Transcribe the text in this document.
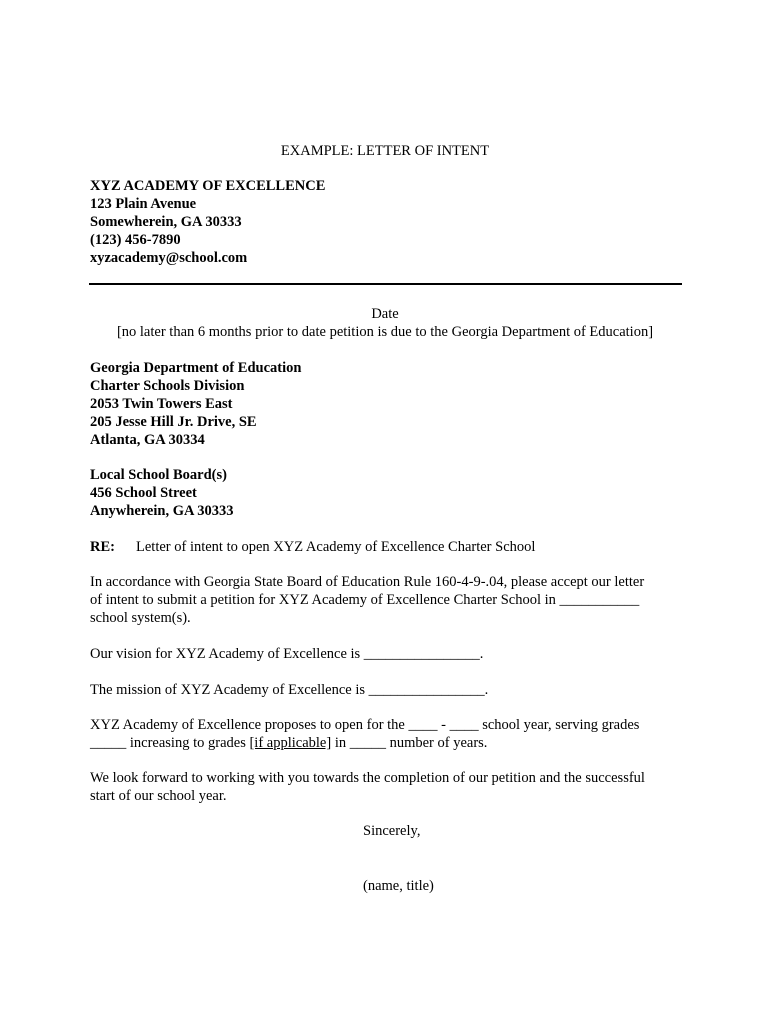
EXAMPLE: LETTER OF INTENT
XYZ ACADEMY OF EXCELLENCE
123 Plain Avenue
Somewherein, GA 30333
(123) 456-7890
xyzacademy@school.com
Date
[no later than 6 months prior to date petition is due to the Georgia Department of Education]
Georgia Department of Education
Charter Schools Division
2053 Twin Towers East
205 Jesse Hill Jr. Drive, SE
Atlanta, GA 30334
Local School Board(s)
456 School Street
Anywherein, GA 30333
RE: Letter of intent to open XYZ Academy of Excellence Charter School
In accordance with Georgia State Board of Education Rule 160-4-9-.04, please accept our letter
of intent to submit a petition for XYZ Academy of Excellence Charter School in ___________
school system(s).
Our vision for XYZ Academy of Excellence is ________________.
The mission of XYZ Academy of Excellence is ________________.
XYZ Academy of Excellence proposes to open for the ____ - ____ school year, serving grades
_____ increasing to grades [if applicable] in _____ number of years.
We look forward to working with you towards the completion of our petition and the successful
start of our school year.
Sincerely,
(name, title)
